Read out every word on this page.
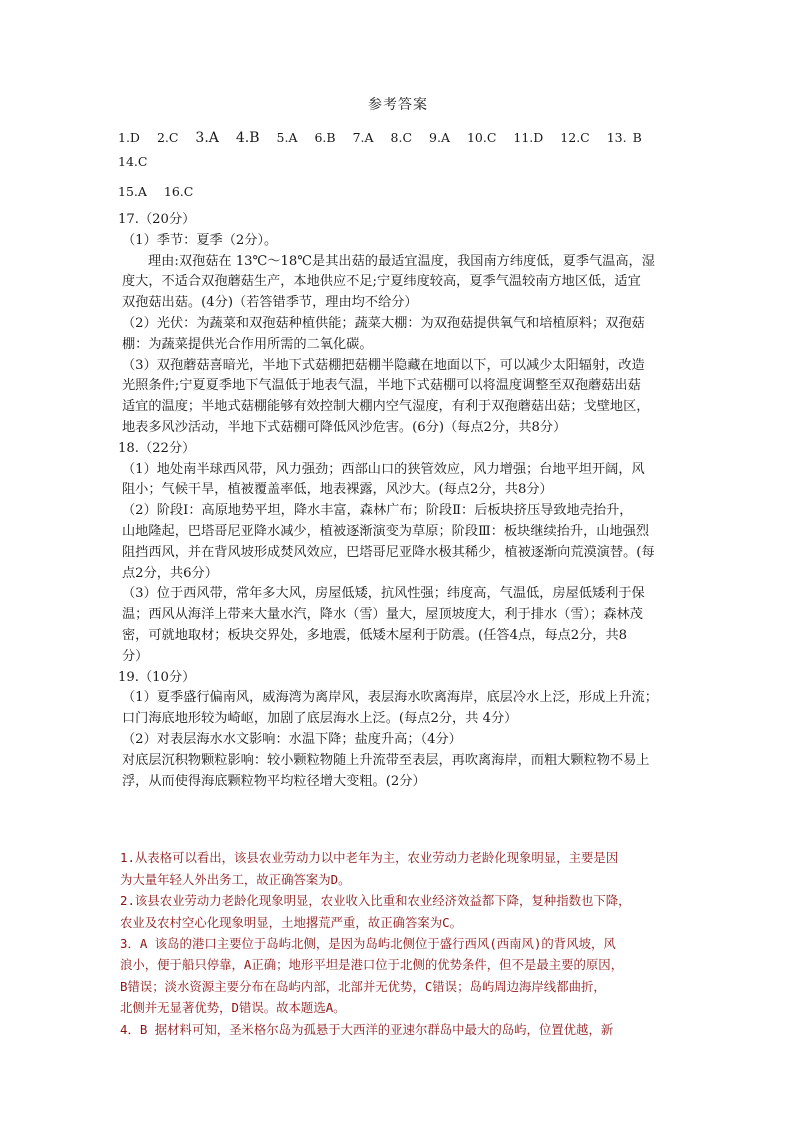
参考答案
1.D 2.C 3.A 4.B 5.A 6.B 7.A 8.C 9.A 10.C 11.D 12.C 13. B 14.C
15.A 16.C

17.（20分）

（1）季节：夏季（2分）。

理由:双孢菇在 13℃～18℃是其出菇的最适宜温度，我国南方纬度低，夏季气温高，湿

度大，不适合双孢蘑菇生产，本地供应不足;宁夏纬度较高，夏季气温较南方地区低，适宜

双孢菇出菇。(4分)（若答错季节，理由均不给分）

（2）光伏：为蔬菜和双孢菇种植供能；蔬菜大棚：为双孢菇提供氧气和培植原料；双孢菇

棚：为蔬菜提供光合作用所需的二氧化碳。

（3）双孢蘑菇喜暗光，半地下式菇棚把菇棚半隐藏在地面以下，可以减少太阳辐射，改造

光照条件;宁夏夏季地下气温低于地表气温，半地下式菇棚可以将温度调整至双孢蘑菇出菇

适宜的温度；半地式菇棚能够有效控制大棚内空气湿度，有利于双孢蘑菇出菇；戈壁地区，

地表多风沙活动，半地下式菇棚可降低风沙危害。(6分)（每点2分，共8分）

18.（22分）

（1）地处南半球西风带，风力强劲；西部山口的狭管效应，风力增强；台地平坦开阔，风

阻小；气候干旱，植被覆盖率低，地表裸露，风沙大。(每点2分，共8分）

（2）阶段Ⅰ：高原地势平坦，降水丰富，森林广布；阶段Ⅱ：后板块挤压导致地壳抬升，

山地隆起，巴塔哥尼亚降水减少，植被逐渐演变为草原；阶段Ⅲ：板块继续抬升，山地强烈

阻挡西风，并在背风坡形成焚风效应，巴塔哥尼亚降水极其稀少，植被逐渐向荒漠演替。(每

点2分，共6分）

（3）位于西风带，常年多大风，房屋低矮，抗风性强；纬度高，气温低，房屋低矮利于保

温；西风从海洋上带来大量水汽，降水（雪）量大，屋顶坡度大，利于排水（雪）；森林茂

密，可就地取材；板块交界处，多地震，低矮木屋利于防震。(任答4点，每点2分，共8

分）

19.（10分）

（1）夏季盛行偏南风，威海湾为离岸风，表层海水吹离海岸，底层冷水上泛，形成上升流；

口门海底地形较为崎岖，加剧了底层海水上泛。(每点2分，共 4分）

（2）对表层海水水文影响：水温下降；盐度升高；（4分）

对底层沉积物颗粒影响：较小颗粒物随上升流带至表层，再吹离海岸，而粗大颗粒物不易上

浮，从而使得海底颗粒物平均粒径增大变粗。(2分）

1.从表格可以看出，该县农业劳动力以中老年为主，农业劳动力老龄化现象明显，主要是因

为大量年轻人外出务工，故正确答案为D。

2.该县农业劳动力老龄化现象明显，农业收入比重和农业经济效益都下降，复种指数也下降，

农业及农村空心化现象明显，土地撂荒严重，故正确答案为C。

3．A 该岛的港口主要位于岛屿北侧，是因为岛屿北侧位于盛行西风(西南风)的背风坡，风

浪小，便于船只停靠，A正确；地形平坦是港口位于北侧的优势条件，但不是最主要的原因，

B错误；淡水资源主要分布在岛屿内部，北部并无优势，C错误；岛屿周边海岸线都曲折，

北侧并无显著优势，D错误。故本题选A。

4．B 据材料可知，圣米格尔岛为孤悬于大西洋的亚速尔群岛中最大的岛屿，位置优越，新
